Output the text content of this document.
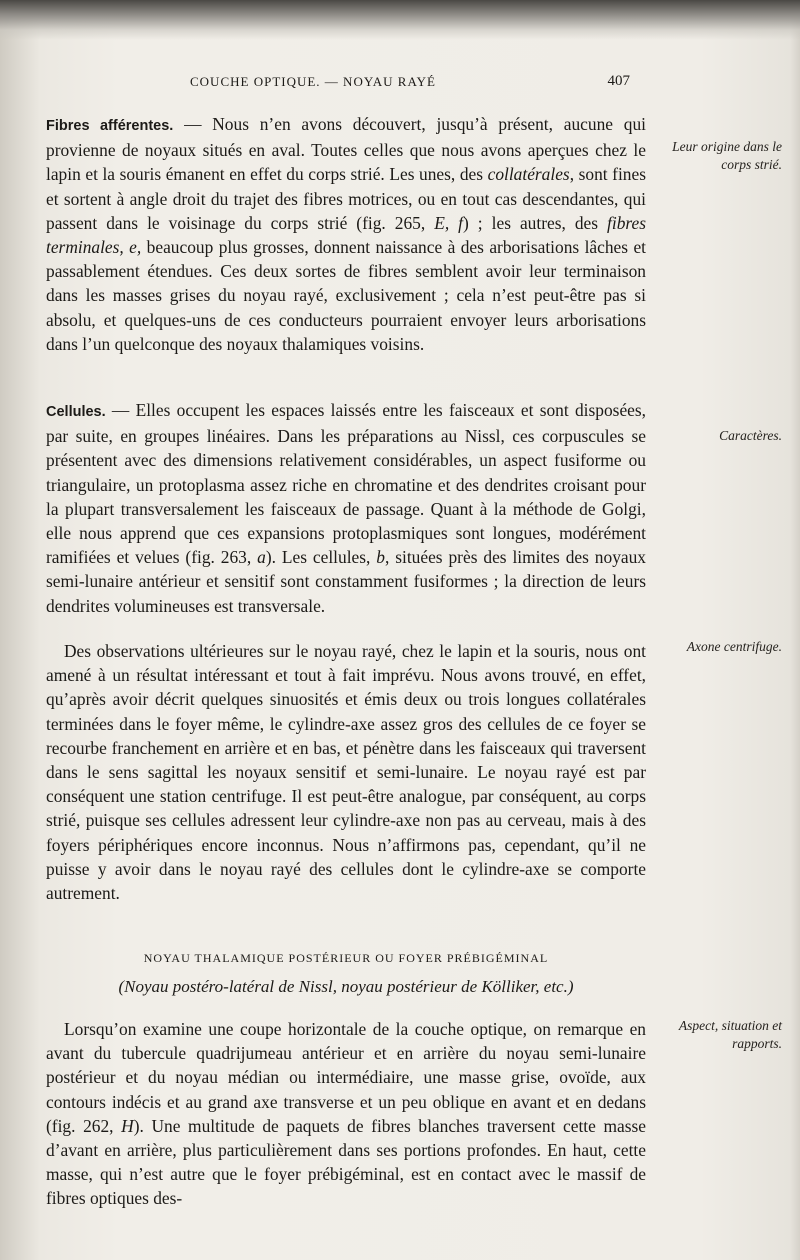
COUCHE OPTIQUE. — NOYAU RAYÉ	407

Fibres afférentes. — Nous n’en avons découvert, jusqu’à présent, aucune qui provienne de noyaux situés en aval. Toutes celles que nous avons aperçues chez le lapin et la souris émanent en effet du corps strié. Les unes, des collatérales, sont fines et sortent à angle droit du trajet des fibres motrices, ou en tout cas descendantes, qui passent dans le voisinage du corps strié (fig. 265, E, f) ; les autres, des fibres terminales, e, beaucoup plus grosses, donnent naissance à des arborisations lâches et passablement étendues. Ces deux sortes de fibres semblent avoir leur terminaison dans les masses grises du noyau rayé, exclusivement ; cela n’est peut-être pas si absolu, et quelques-uns de ces conducteurs pourraient envoyer leurs arborisations dans l’un quelconque des noyaux thalamiques voisins.

Cellules. — Elles occupent les espaces laissés entre les faisceaux et sont disposées, par suite, en groupes linéaires. Dans les préparations au Nissl, ces corpuscules se présentent avec des dimensions relativement considérables, un aspect fusiforme ou triangulaire, un protoplasma assez riche en chromatine et des dendrites croisant pour la plupart transversalement les faisceaux de passage. Quant à la méthode de Golgi, elle nous apprend que ces expansions protoplasmiques sont longues, modérément ramifiées et velues (fig. 263, a). Les cellules, b, situées près des limites des noyaux semi-lunaire antérieur et sensitif sont constamment fusiformes ; la direction de leurs dendrites volumineuses est transversale.

Des observations ultérieures sur le noyau rayé, chez le lapin et la souris, nous ont amené à un résultat intéressant et tout à fait imprévu. Nous avons trouvé, en effet, qu’après avoir décrit quelques sinuosités et émis deux ou trois longues collatérales terminées dans le foyer même, le cylindre-axe assez gros des cellules de ce foyer se recourbe franchement en arrière et en bas, et pénètre dans les faisceaux qui traversent dans le sens sagittal les noyaux sensitif et semi-lunaire. Le noyau rayé est par conséquent une station centrifuge. Il est peut-être analogue, par conséquent, au corps strié, puisque ses cellules adressent leur cylindre-axe non pas au cerveau, mais à des foyers périphériques encore inconnus. Nous n’affirmons pas, cependant, qu’il ne puisse y avoir dans le noyau rayé des cellules dont le cylindre-axe se comporte autrement.

NOYAU THALAMIQUE POSTÉRIEUR OU FOYER PRÉBIGÉMINAL

(Noyau postéro-latéral de Nissl, noyau postérieur de Kölliker, etc.)

Lorsqu’on examine une coupe horizontale de la couche optique, on remarque en avant du tubercule quadrijumeau antérieur et en arrière du noyau semi-lunaire postérieur et du noyau médian ou intermédiaire, une masse grise, ovoïde, aux contours indécis et au grand axe transverse et un peu oblique en avant et en dedans (fig. 262, H). Une multitude de paquets de fibres blanches traversent cette masse d’avant en arrière, plus particulièrement dans ses portions profondes. En haut, cette masse, qui n’est autre que le foyer prébigéminal, est en contact avec le massif de fibres optiques des-

Leur origine dans le corps strié.
Caractères.
Axone centrifuge.
Aspect, situation et rapports.
